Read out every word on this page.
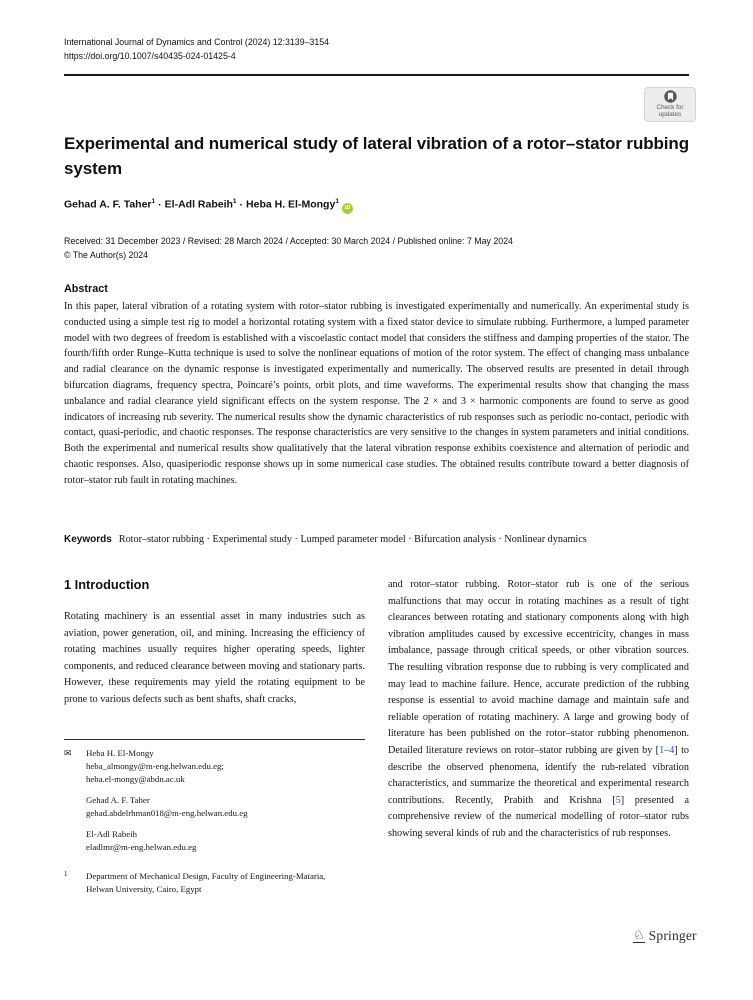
International Journal of Dynamics and Control (2024) 12:3139–3154
https://doi.org/10.1007/s40435-024-01425-4
Check for
updates
Experimental and numerical study of lateral vibration of a rotor–stator rubbing system
Gehad A. F. Taher$^1$ · El-Adl Rabeih$^1$ · Heba H. El-Mongy$^1$iD
Received: 31 December 2023 / Revised: 28 March 2024 / Accepted: 30 March 2024 / Published online: 7 May 2024
© The Author(s) 2024
Abstract
In this paper, lateral vibration of a rotating system with rotor–stator rubbing is investigated experimentally and numerically. An experimental study is conducted using a simple test rig to model a horizontal rotating system with a fixed stator device to simulate rubbing. Furthermore, a lumped parameter model with two degrees of freedom is established with a viscoelastic contact model that considers the stiffness and damping properties of the stator. The fourth/fifth order Runge–Kutta technique is used to solve the nonlinear equations of motion of the rotor system. The effect of changing mass unbalance and radial clearance on the dynamic response is investigated experimentally and numerically. The observed results are presented in detail through bifurcation diagrams, frequency spectra, Poincaré’s points, orbit plots, and time waveforms. The experimental results show that changing the mass unbalance and radial clearance yield significant effects on the system response. The 2 × and 3 × harmonic components are found to serve as good indicators of increasing rub severity. The numerical results show the dynamic characteristics of rub responses such as periodic no-contact, periodic with contact, quasi-periodic, and chaotic responses. The response characteristics are very sensitive to the changes in system parameters and initial conditions. Both the experimental and numerical results show qualitatively that the lateral vibration response exhibits coexistence and alternation of periodic and chaotic responses. Also, quasiperiodic response shows up in some numerical case studies. The obtained results contribute toward a better diagnosis of rotor–stator rub fault in rotating machines.
Keywords Rotor–stator rubbing · Experimental study · Lumped parameter model · Bifurcation analysis · Nonlinear dynamics
1 Introduction

Rotating machinery is an essential asset in many industries such as aviation, power generation, oil, and mining. Increasing the efficiency of rotating machines usually requires higher operating speeds, lighter components, and reduced clearance between moving and stationary parts. However, these requirements may yield the rotating equipment to be prone to various defects such as bent shafts, shaft cracks,

✉	Heba H. El-Mongy
heba_almongy@m-eng.helwan.edu.eg;
heba.el-mongy@abdn.ac.uk
Gehad A. F. Taher
gehad.abdelrhman018@m-eng.helwan.edu.eg
El-Adl Rabeih
eladlmr@m-eng.helwan.edu.eg
1	Department of Mechanical Design, Faculty of Engineering-Mataria, Helwan University, Cairo, Egypt

and rotor–stator rubbing. Rotor–stator rub is one of the serious malfunctions that may occur in rotating machines as a result of tight clearances between rotating and stationary components along with high vibration amplitudes caused by excessive eccentricity, changes in mass imbalance, passage through critical speeds, or other vibration sources. The resulting vibration response due to rubbing is very complicated and may lead to machine failure. Hence, accurate prediction of the rubbing response is essential to avoid machine damage and maintain safe and reliable operation of rotating machinery. A large and growing body of literature has been published on the rotor–stator rubbing phenomenon. Detailed literature reviews on rotor–stator rubbing are given by [1–4] to describe the observed phenomena, identify the rub-related vibration characteristics, and summarize the theoretical and experimental research contributions. Recently, Prabith and Krishna [5] presented a comprehensive review of the numerical modelling of rotor–stator rubs showing several kinds of rub and the characteristics of rub responses.

♘ Springer
